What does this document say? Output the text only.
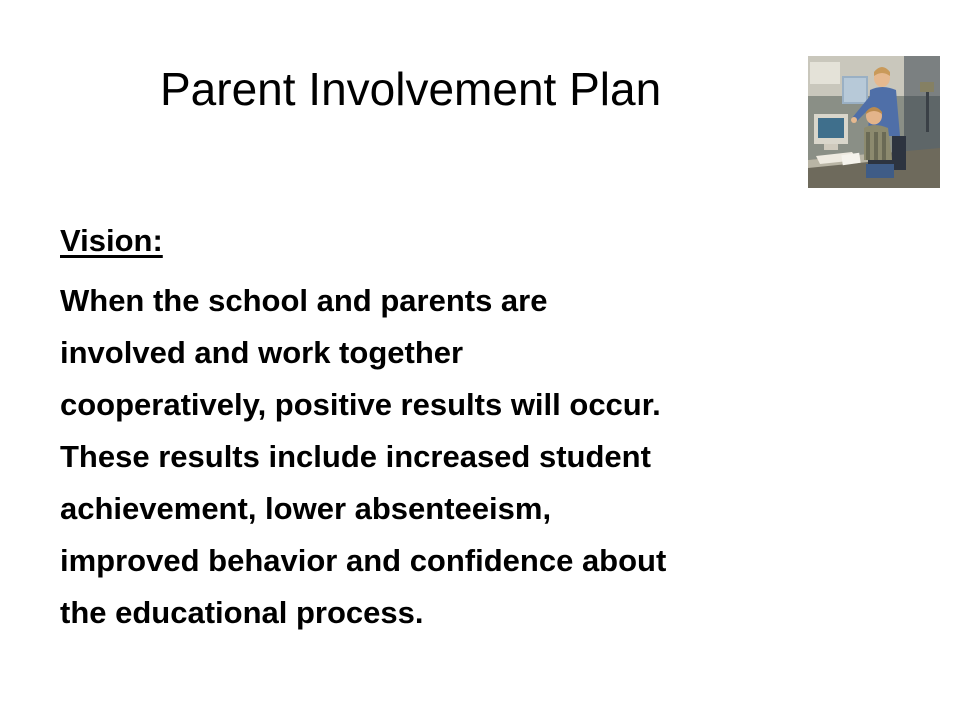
Parent Involvement Plan
Vision:

When the school and parents are
involved and work together
cooperatively, positive results will occur.
These results include increased student
achievement, lower absenteeism,
improved behavior and confidence about
the educational process.
